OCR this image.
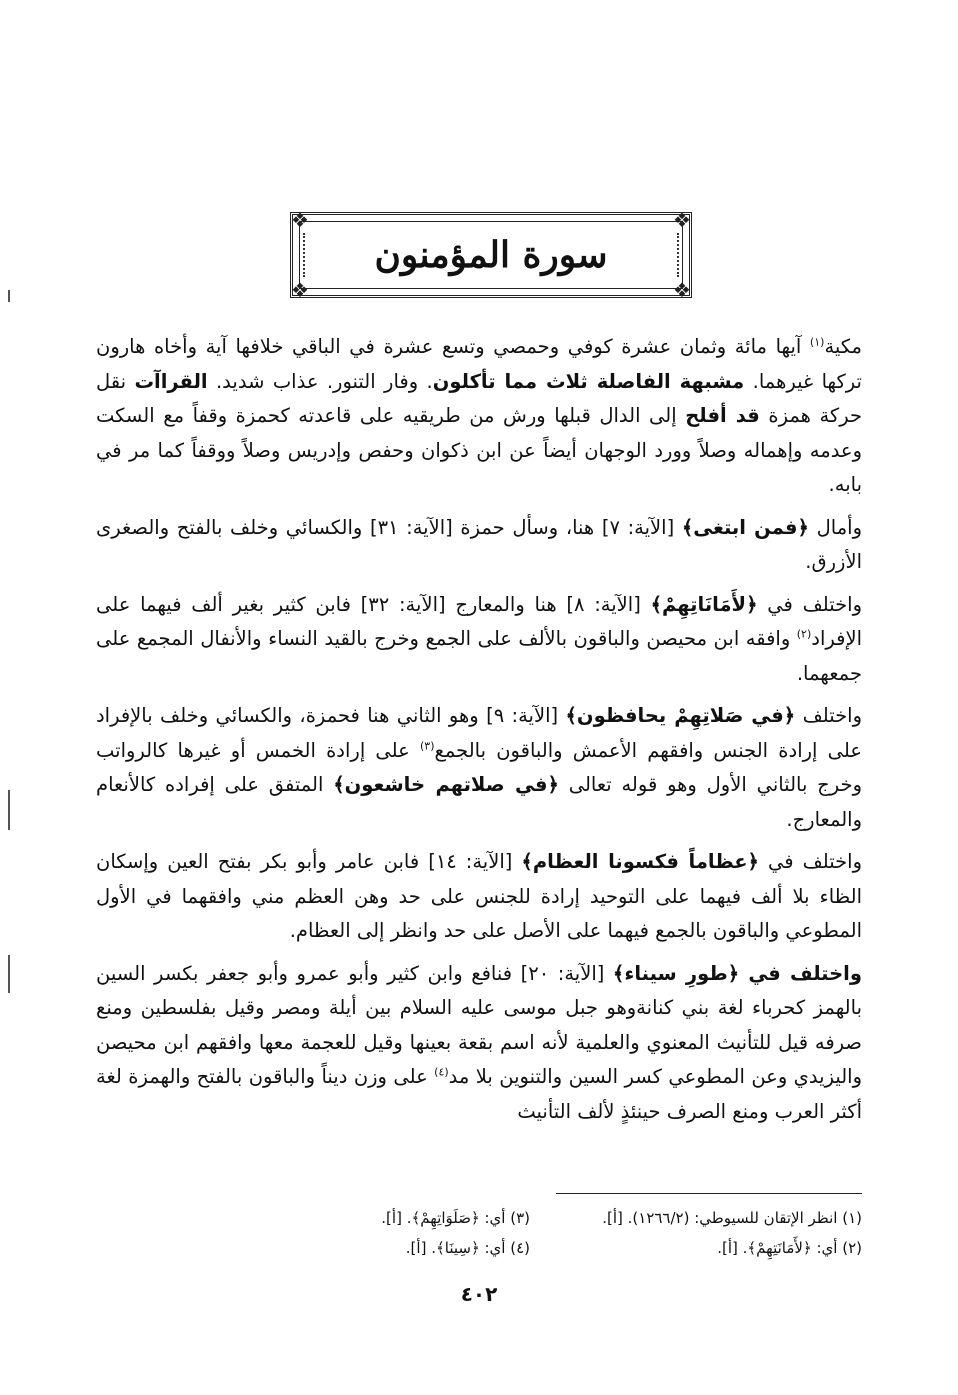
❖	❖
❖	❖
سورة المؤمنون

مكية$^{(١)}$ آيها مائة وثمان عشرة كوفي وحمصي وتسع عشرة في الباقي خلافها آية وأخاه هارون تركها غيرهما. مشبهة الفاصلة ثلاث مما تأكلون. وفار التنور. عذاب شديد. القراآت نقل حركة همزة قد أفلح إلى الدال قبلها ورش من طريقيه على قاعدته كحمزة وقفاً مع السكت وعدمه وإهماله وصلاً وورد الوجهان أيضاً عن ابن ذكوان وحفص وإدريس وصلاً ووقفاً كما مر في بابه.

وأمال ﴿فمن ابتغى﴾ [الآية: ٧] هنا، وسأل حمزة [الآية: ٣١] والكسائي وخلف بالفتح والصغرى الأزرق.

واختلف في ﴿لأَمَانَاتِهِمْ﴾ [الآية: ٨] هنا والمعارج [الآية: ٣٢] فابن كثير بغير ألف فيهما على الإفراد$^{(٢)}$ وافقه ابن محيصن والباقون بالألف على الجمع وخرج بالقيد النساء والأنفال المجمع على جمعهما.

واختلف ﴿في صَلاتِهِمْ يحافظون﴾ [الآية: ٩] وهو الثاني هنا فحمزة، والكسائي وخلف بالإفراد على إرادة الجنس وافقهم الأعمش والباقون بالجمع$^{(٣)}$ على إرادة الخمس أو غيرها كالرواتب وخرج بالثاني الأول وهو قوله تعالى ﴿في صلاتهم خاشعون﴾ المتفق على إفراده كالأنعام والمعارج.

واختلف في ﴿عظاماً فكسونا العظام﴾ [الآية: ١٤] فابن عامر وأبو بكر بفتح العين وإسكان الظاء بلا ألف فيهما على التوحيد إرادة للجنس على حد وهن العظم مني وافقهما في الأول المطوعي والباقون بالجمع فيهما على الأصل على حد وانظر إلى العظام.

واختلف في ﴿طورِ سيناء﴾ [الآية: ٢٠] فنافع وابن كثير وأبو عمرو وأبو جعفر بكسر السين بالهمز كحرباء لغة بني كنانةوهو جبل موسى عليه السلام بين أيلة ومصر وقيل بفلسطين ومنع صرفه قيل للتأنيث المعنوي والعلمية لأنه اسم بقعة بعينها وقيل للعجمة معها وافقهم ابن محيصن واليزيدي وعن المطوعي كسر السين والتنوين بلا مد$^{(٤)}$ على وزن ديناً والباقون بالفتح والهمزة لغة أكثر العرب ومنع الصرف حينئذٍ لألف التأنيث

(١) انظر الإتقان للسيوطي: (١٢٦٦/٢). [أ].
(٣) أي: ﴿صَلَوَاتِهِمْ﴾. [أ].
(٢) أي: ﴿لأَمَانَتِهِمْ﴾. [أ].
(٤) أي: ﴿سِينَا﴾. [أ].
٤٠٢
